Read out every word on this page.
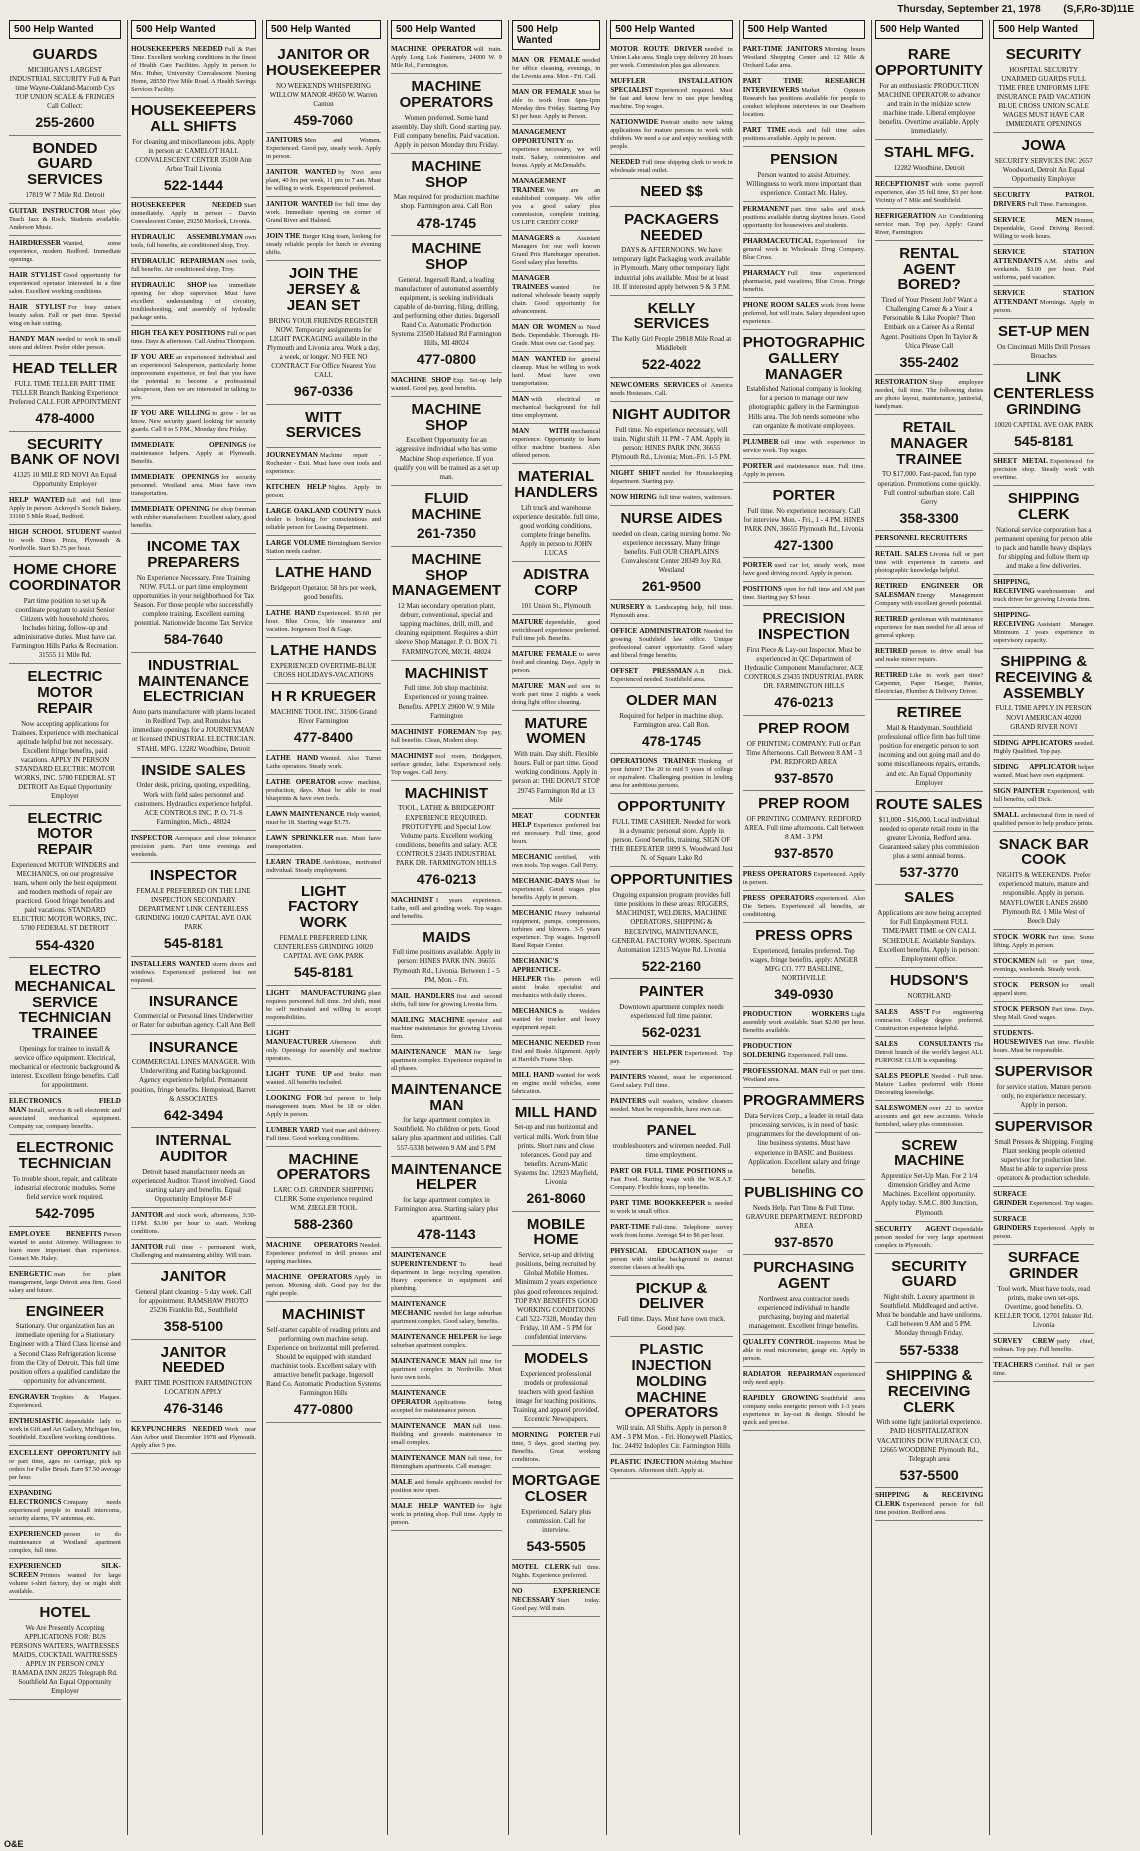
Thursday, September 21, 1978 (S,F,Ro-3D)11E
500 Help Wanted
GUARDS
MICHIGAN'S LARGEST INDUSTRIAL SECURITY Full & Part time Wayne-Oakland-Macomb Cys TOP UNION SCALE & FRINGES Call Collect:
255-2600
BONDED GUARD SERVICES
17819 W 7 Mile Rd. Detroit
GUITAR INSTRUCTOR Must play Teach Jazz & Rock. Students available. Anderson Music.
HAIRDRESSER Wanted, some experience, modern Redford. Immediate openings.
HAIR STYLIST Good opportunity for experienced operator interested in a fine salon. Excellent working conditions.
HAIR STYLIST For busy unisex beauty salon. Full or part time. Special wing on hair cutting.
HANDY MAN needed to work in small store and deliver. Prefer older person.
HEAD TELLER
FULL TIME TELLER PART TIME TELLER Branch Banking Experience Preferred CALL FOR APPOINTMENT
478-4000
SECURITY BANK OF NOVI
41325 10 MILE RD NOVI An Equal Opportunity Employer
HELP WANTED full and full time Apply in person: Ackroyd's Scotch Bakery, 33160 5 Mile Road, Redford.
HIGH SCHOOL STUDENT wanted to work Dines Pizza, Plymouth & Northville. Start $3.75 per hour.
HOME CHORE COORDINATOR
Part time position to set up & coordinate program to assist Senior Citizens with household chores. Includes hiring, follow-up and administrative duties. Must have car. Farmington Hills Parks & Recreation. 31555 11 Mile Rd.
ELECTRIC MOTOR REPAIR
Now accepting applications for Trainees. Experience with mechanical aptitude helpful but not necessary. Excellent fringe benefits, paid vacations. APPLY IN PERSON STANDARD ELECTRIC MOTOR WORKS, INC. 5780 FEDERAL ST DETROIT An Equal Opportunity Employer
ELECTRIC MOTOR REPAIR
Experienced MOTOR WINDERS and MECHANICS, on our progressive team, where only the best equipment and modern methods of repair are practiced. Good fringe benefits and paid vacations. STANDARD ELECTRIC MOTOR WORKS, INC. 5780 FEDERAL ST DETROIT
554-4320
ELECTRO MECHANICAL SERVICE TECHNICIAN TRAINEE
Openings for trainee to install & service office equipment. Electrical, mechanical or electronic background & interest. Excellent fringe benefits. Call for appointment.
ELECTRONICS FIELD MAN Install, service & sell electronic and associated mechanical equipment. Company car, company benefits.
ELECTRONIC TECHNICIAN
To trouble shoot, repair, and calibrate industrial electronic modules. Some field service work required.
542-7095
EMPLOYEE BENEFITS Person wanted to assist Attorney. Willingness to learn more important than experience. Contact Mr. Haley.
ENERGETIC man for plant management, large Detroit area firm. Good salary and future.
ENGINEER
Stationary. Our organization has an immediate opening for a Stationary Engineer with a Third Class license and a Second Class Refrigeration license from the City of Detroit. This full time position offers a qualified candidate the opportunity for advancement.
ENGRAVER Trophies & Plaques. Experienced.
ENTHUSIASTIC dependable lady to work in Gift and Art Gallery, Michigan Inn, Southfield. Excellent working conditions.
EXCELLENT OPPORTUNITY full or part time, ages no carriage, pick up orders for Fuller Brush. Earn $7.50 average per hour.
EXPANDING ELECTRONICS Company needs experienced people to install intercoms, security alarms, TV antennas, etc.
EXPERIENCED person to do maintenance at Westland apartment complex, full time.
EXPERIENCED SILK-SCREEN Printers wanted for large volume t-shirt factory, day or night shift available.
HOTEL
We Are Presently Accepting APPLICATIONS FOR: BUS PERSONS WAITERS, WAITRESSES MAIDS, COCKTAIL WAITRESSES APPLY IN PERSON ONLY RAMADA INN 28225 Telegraph Rd. Southfield An Equal Opportunity Employer
500 Help Wanted
HOUSEKEEPERS NEEDED Full & Part Time. Excellent working conditions in the finest of Health Care Facilities. Apply in person to Mrs. Huber, University Convalescent Nursing Home, 28550 Five Mile Road. A Health Savings Services Facility.
HOUSEKEEPERS ALL SHIFTS
For cleaning and miscellaneous jobs. Apply in person at: CAMELOT HALL CONVALESCENT CENTER 35100 Ann Arbor Trail Livonia
522-1444
HOUSEKEEPER NEEDED Start immediately. Apply in person - Darvin Convalescent Center, 29250 Morlock, Livonia.
HYDRAULIC ASSEMBLYMAN own tools, full benefits, air conditioned shop, Troy.
HYDRAULIC REPAIRMAN own tools, full benefits. Air conditioned shop, Troy.
HYDRAULIC SHOP has immediate opening for shop supervisor. Must have excellent understanding of circuitry, troubleshooting, and assembly of hydraulic package units.
HIGH TEA KEY POSITIONS Full or part time. Days & afternoon. Call Andrea Thompson.
IF YOU ARE an experienced individual and an experienced Salesperson, particularly home improvement experience, or feel that you have the potential to become a professional salesperson, then we are interested in talking to you.
IF YOU ARE WILLING to grow - let us know. New security guard looking for security guards. Call 9 to 5 P.M., Monday thru Friday.
IMMEDIATE OPENINGS for maintenance helpers. Apply at Plymouth. Benefits.
IMMEDIATE OPENINGS for security personnel. Westland area. Must have own transportation.
IMMEDIATE OPENING for shop foreman with rubber manufacturer. Excellent salary, good benefits.
INCOME TAX PREPARERS
No Experience Necessary. Free Training NOW. FULL or part time employment opportunities in your neighborhood for Tax Season. For those people who successfully complete training. Excellent earning potential. Nationwide Income Tax Service
584-7640
INDUSTRIAL MAINTENANCE ELECTRICIAN
Auto parts manufacturer with plants located in Redford Twp. and Romulus has immediate openings for a JOURNEYMAN or licensed INDUSTRIAL ELECTRICIAN. STAHL MFG. 12282 Woodbine, Detroit
INSIDE SALES
Order desk, pricing, quoting, expediting. Work with field sales personnel and customers. Hydraulics experience helpful. ACE CONTROLS INC. P. O. 71-S Farmington, Mich., 48024
INSPECTOR Aerospace and close tolerance precision parts. Part time evenings and weekends.
INSPECTOR
FEMALE PREFERRED ON THE LINE INSPECTION SECONDARY DEPARTMENT LINK CENTERLESS GRINDING 10020 CAPITAL AVE OAK PARK
545-8181
INSTALLERS WANTED storm doors and windows. Experienced preferred but not required.
INSURANCE
Commercial or Personal lines Underwriter or Rater for suburban agency. Call Ann Bell
INSURANCE
COMMERCIAL LINES MANAGER. With Underwriting and Rating background. Agency experience helpful. Permanent position, fringe benefits. Hempstead, Barrett & ASSOCIATES
642-3494
INTERNAL AUDITOR
Detroit based manufacturer needs an experienced Auditor. Travel involved. Good starting salary and benefits. Equal Opportunity Employer M-F
JANITOR and stock work, afternoons, 3:30-11PM. $3.00 per hour to start. Working conditions.
JANITOR Full time - permanent work, Challenging and maintaining ability. Will train.
JANITOR
General plant cleaning - 5 day week. Call for appointment. RAMSHAW PHOTO 25236 Franklin Rd., Southfield
358-5100
JANITOR NEEDED
PART TIME POSITION FARMINGTON LOCATION APPLY
476-3146
KEYPUNCHERS NEEDED Work near Ann Arbor until December 1978 and Plymouth. Apply after 5 pm.
500 Help Wanted
JANITOR OR HOUSEKEEPER
NO WEEKENDS WHISPERING WILLOW MANOR 49650 W. Warren Canton
459-7060
JANITORS Men and Women. Experienced. Good pay, steady work. Apply in person.
JANITOR WANTED by Novi area plant, 40 hrs per week, 11 pm to 7 am. Must be willing to work. Experienced preferred.
JANITOR WANTED for full time day work. Immediate opening on corner of Grand River and Halsted.
JOIN THE Burger King team, looking for steady reliable people for lunch or evening shifts.
JOIN THE JERSEY & JEAN SET
BRING YOUR FRIENDS REGISTER NOW. Temporary assignments for LIGHT PACKAGING available in the Plymouth and Livonia area. Work a day, a week, or longer. NO FEE NO CONTRACT For Office Nearest You CALL
967-0336
WITT SERVICES
JOURNEYMAN Machine repair - Rochester - Exit. Must have own tools and experience.
KITCHEN HELP Nights. Apply in person.
LARGE OAKLAND COUNTY Buick dealer is looking for conscientious and reliable person for Leasing Department.
LARGE VOLUME Birmingham Service Station needs cashier.
LATHE HAND
Bridgeport Operator. 58 hrs per week, good benefits.
LATHE HAND Experienced. $5.60 per hour. Blue Cross, life insurance and vacation. Jorgensen Tool & Gage.
LATHE HANDS
EXPERIENCED OVERTIME-BLUE CROSS HOLIDAYS-VACATIONS
H R KRUEGER
MACHINE TOOL INC. 31506 Grand River Farmington
477-8400
LATHE HAND Wanted. Also Turret Lathe operators. Steady work.
LATHE OPERATOR screw machine, production, days. Must be able to read blueprints & have own tools.
LAWN MAINTENANCE Help wanted, must be 18. Starting wage $3.75.
LAWN SPRINKLER man. Must have transportation.
LEARN TRADE Ambitious, motivated individual. Steady employment.
LIGHT FACTORY WORK
FEMALE PREFERRED LINK CENTERLESS GRINDING 10020 CAPITAL AVE OAK PARK
545-8181
LIGHT MANUFACTURING plant requires personnel full time. 3rd shift, must be self motivated and willing to accept responsibilities.
LIGHT MANUFACTURER Afternoon shift only. Openings for assembly and machine operators.
LIGHT TUNE UP and brake man wanted. All benefits included.
LOOKING FOR 3rd person to help management team. Must be 18 or older. Apply in person.
LUMBER YARD Yard man and delivery. Full time. Good working conditions.
MACHINE OPERATORS
LARC O.D. GRINDER SHIPPING CLERK Some experience required W.M. ZIEGLER TOOL
588-2360
MACHINE OPERATORS Needed. Experience preferred in drill presses and tapping machines.
MACHINE OPERATORS Apply in person. Morning shift. Good pay for the right people.
MACHINIST
Self-starter capable of reading prints and performing own machine setup. Experience on horizontal mill preferred. Should be equipped with standard machinist tools. Excellent salary with attractive benefit package. Ingersoll Rand Co. Automatic Production Systems Farmington Hills
477-0800
500 Help Wanted
MACHINE OPERATOR will train. Apply Long Lok Fasteners, 24000 W. 9 Mile Rd., Farmington.
MACHINE OPERATORS
Women preferred. Some hand assembly. Day shift. Good starting pay. Full company benefits. Paid vacation. Apply in person Monday thru Friday.
MACHINE SHOP
Man required for production machine shop. Farmington area. Call Ron
478-1745
MACHINE SHOP
General. Ingersoll Rand, a leading manufacturer of automated assembly equipment, is seeking individuals capable of de-burring, filing, drilling, and performing other duties. Ingersoll Rand Co. Automatic Production Systems 23500 Halsted Rd Farmington Hills, MI 48024
477-0800
MACHINE SHOP Exp. Set-up help wanted. Good pay, good benefits.
MACHINE SHOP
Excellent Opportunity for an aggressive individual who has some Machine Shop experience. If you qualify you will be trained as a set up man.
FLUID MACHINE
261-7350
MACHINE SHOP MANAGEMENT
12 Man secondary operation plant, deburr, conventional, special and tapping machines, drill, mill, and cleaning equipment. Requires a shirt sleeve Shop Manager. P. O. BOX 71 FARMINGTON, MICH. 48024
MACHINIST
Full time. Job shop machinist. Experienced or young trainee. Benefits. APPLY 29600 W. 9 Mile Farmington
MACHINIST FOREMAN Top pay, full benefits. Clean, Modern shop.
MACHINIST tool room, Bridgeport, surface grinder, lathe. Experienced only. Top wages. Call Jerry.
MACHINIST
TOOL, LATHE & BRIDGEPORT EXPERIENCE REQUIRED. PROTOTYPE and Special Low Volume parts. Excellent working conditions, benefits and salary. ACE CONTROLS 23435 INDUSTRIAL PARK DR. FARMINGTON HILLS
476-0213
MACHINIST 1 years experience. Lathe, mill and grinding work. Top wages and benefits.
MAIDS
Full time positions available. Apply in person: HINES PARK INN. 36655 Plymouth Rd., Livonia. Between 1 - 5 PM, Mon. - Fri.
MAIL HANDLERS first and second shifts, full time for growing Livonia firm.
MAILING MACHINE operator and machine maintenance for growing Livonia firm.
MAINTENANCE MAN for large apartment complex. Experience required in all phases.
MAINTENANCE MAN
for large apartment complex in Southfield. No children or pets. Good salary plus apartment and utilities. Call 557-5338 between 9 AM and 5 PM
MAINTENANCE HELPER
for large apartment complex in Farmington area. Starting salary plus apartment.
478-1143
MAINTENANCE SUPERINTENDENT To head department in large recycling operation. Heavy experience in equipment and plumbing.
MAINTENANCE MECHANIC needed for large suburban apartment complex. Good salary, benefits.
MAINTENANCE HELPER for large suburban apartment complex.
MAINTENANCE MAN full time for apartment complex in Northville. Must have own tools.
MAINTENANCE OPERATOR Applications being accepted for maintenance person.
MAINTENANCE MAN full time. Building and grounds maintenance in small complex.
MAINTENANCE MAN full time, for Birmingham apartments. Call manager.
MALE and female applicants needed for position now open.
MALE HELP WANTED for light work in printing shop. Full time. Apply in person.
500 Help Wanted
MAN OR FEMALE needed for office cleaning, evenings, in the Livonia area. Mon - Fri. Call.
MAN OR FEMALE Must be able to work from 6pm-1pm Monday thru Friday. Starting Pay $3 per hour. Apply in Person.
MANAGEMENT OPPORTUNITY no experience necessary, we will train. Salary, commission and bonus. Apply at McDonald's.
MANAGEMENT TRAINEE We are an established company. We offer you a good salary plus commission, complete training. US LIFE CREDIT CORP
MANAGERS & Assistant Managers for our well known Grand Prix Hamburger operation. Good salary plus benefits.
MANAGER TRAINEES wanted for national wholesale beauty supply chain. Good opportunity for advancement.
MAN OR WOMEN to Need Beds. Dependable. Thorough. Hi-Grade. Must own car. Good pay.
MAN WANTED for general cleanup. Must be willing to work hard. Must have own transportation.
MAN with electrical or mechanical background for full time employment.
MAN WITH mechanical experience. Opportunity to learn office machine business. Also offered person.
MATERIAL HANDLERS
Lift truck and warehouse experience desirable. full time, good working conditions, complete fringe benefits. Apply in person to JOHN LUCAS
ADISTRA CORP
101 Union St., Plymouth
MATURE dependable, good switchboard experience preferred. Full time job. Benefits.
MATURE FEMALE to serve food and cleaning. Days. Apply in person.
MATURE MAN and son to work part time 2 nights a week doing light office cleaning.
MATURE WOMEN
With train. Day shift. Flexible hours. Full or part time. Good working conditions. Apply in person at: THE DONUT STOP 29745 Farmington Rd at 13 Mile
MEAT COUNTER HELP Experience preferred but not necessary. Full time, good hours.
MECHANIC certified, with own tools. Top wages. Call Perry.
MECHANIC-DAYS Must be experienced. Good wages plus benefits. Apply in person.
MECHANIC Heavy industrial equipment, pumps, compressors, turbines and blowers. 3-5 years experience. Top wages. Ingersoll Rand Repair Center.
MECHANIC'S APPRENTICE-HELPER This person will assist brake specialist and mechanics with daily chores.
MECHANICS & Welders wanted for trucker and heavy equipment repair.
MECHANIC NEEDED Front End and Brake Alignment. Apply at Harold's Frame Shop.
MILL HAND wanted for work on engine mold vehicles, some fabrication.
MILL HAND
Set-up and run horizontal and vertical mills. Work from blue prints. Short runs and close tolerances. Good pay and benefits. Acrum-Matic Systems Inc. 12923 Mayfield, Livonia
261-8060
MOBILE HOME
Service, set-up and driving positions, being recruited by Global Mobile Homes. Minimum 2 years experience plus good references required. TOP PAY BENEFITS GOOD WORKING CONDITIONS Call 522-7328, Monday thru Friday, 10 AM - 5 PM for confidential interview.
MODELS
Experienced professional models or professional teachers with good fashion image for teaching positions. Training and apparel provided. Eccentric Newspapers.
MORNING PORTER Full time, 5 days, good starting pay. Benefits. Great working conditions.
MORTGAGE CLOSER
Experienced. Salary plus commission. Call for interview.
543-5505
MOTEL CLERK full time. Nights. Experience preferred.
NO EXPERIENCE NECESSARY Start today. Good pay. Will train.
500 Help Wanted
MOTOR ROUTE DRIVER needed in Union Lake area. Single copy delivery 20 hours per week. Commission plus gas allowance.
MUFFLER INSTALLATION SPECIALIST Experienced required. Must be fast and know how to use pipe bending machine. Top wages.
NATIONWIDE Portrait studio now taking applications for mature persons to work with children. We need a car and enjoy working with people.
NEEDED Full time shipping clerk to work in wholesale retail outlet.
NEED $$
PACKAGERS NEEDED
DAYS & AFTERNOONS. We have temporary light Packaging work available in Plymouth. Many other temporary light industrial jobs available. Must be at least 18. If interested apply between 9 & 3 P.M.
KELLY SERVICES
The Kelly Girl People 29818 Mile Road at Middlebelt
522-4022
NEWCOMERS SERVICES of America needs Hostesses. Call.
NIGHT AUDITOR
Full time. No experience necessary, will train. Night shift 11 PM - 7 AM. Apply in person: HINES PARK INN, 36655 Plymouth Rd., Livonia; Mon.-Fri. 1-5 PM.
NIGHT SHIFT needed for Housekeeping department. Starting pay.
NOW HIRING full time waiters, waitresses.
NURSE AIDES
needed on clean, caring nursing home. No experience necessary. Many fringe benefits. Full OUR CHAPLAINS Convalescent Center 28349 Joy Rd. Westland
261-9500
NURSERY & Landscaping help, full time. Plymouth area.
OFFICE ADMINISTRATOR Needed for growing Southfield law office. Unique professional career opportunity. Good salary and liberal fringe benefits.
OFFSET PRESSMAN A.B Dick. Experienced needed. Southfield area.
OLDER MAN
Required for helper in machine shop. Farmington area. Call Ron.
478-1745
OPERATIONS TRAINEE Thinking of your future? The 20 to mid 5 years of college or equivalent. Challenging position in lending area for ambitious persons.
OPPORTUNITY
FULL TIME CASHIER. Needed for work in a dynamic personal store. Apply in person. Good benefits, training. SIGN OF THE BEEFEATER 1899 S. Woodward Just N. of Square Lake Rd
OPPORTUNITIES
Ongoing expansion program provides full time positions in these areas: RIGGERS, MACHINIST, WELDERS, MACHINE OPERATORS, SHIPPING & RECEIVING, MAINTENANCE, GENERAL FACTORY WORK. Spectrum Automation 12315 Wayne Rd. Livonia
522-2160
PAINTER
Downtown apartment complex needs experienced full time painter.
562-0231
PAINTER'S HELPER Experienced. Top pay.
PAINTERS Wanted, must be experienced. Good salary. Full time.
PAINTERS wall washers, window cleaners needed. Must be responsible, have own car.
PANEL
troubleshooters and wiremen needed. Full time employment.
PART OR FULL TIME POSITIONS in Fast Food. Starting wage with the W.R.A.F. Company. Flexible hours, top benefits.
PART TIME BOOKKEEPER is needed to work in small office.
PART-TIME Full-time. Telephone survey work from home. Average $4 to $6 per hour.
PHYSICAL EDUCATION major or person with similar background to instruct exercise classes at health spa.
PICKUP & DELIVER
Full time. Days. Must have own truck. Good pay.
PLASTIC INJECTION MOLDING MACHINE OPERATORS
Will train. All Shifts. Apply in person 8 AM - 3 PM Mon. - Fri. Honeywell Plastics, Inc. 24492 Indoplex Cir. Farmington Hills
PLASTIC INJECTION Molding Machine Operators. Afternoon shift. Apply at.
500 Help Wanted
PART-TIME JANITORS Morning hours Westland Shopping Center and 12 Mile & Orchard Lake area.
PART TIME RESEARCH INTERVIEWERS Market Opinion Research has positions available for people to conduct telephone interviews in our Dearborn location.
PART TIME stock and full time sales positions available. Apply in person.
PENSION
Person wanted to assist Attorney. Willingness to work more important than experience. Contact Mr. Haley.
PERMANENT part time sales and stock positions available during daytime hours. Good opportunity for housewives and students.
PHARMACEUTICAL Experienced for general work in Wholesale Drug Company. Blue Cross.
PHARMACY Full time experienced pharmacist, paid vacations, Blue Cross. Fringe benefits.
PHONE ROOM SALES work from home preferred, but will train. Salary dependent upon experience.
PHOTOGRAPHIC GALLERY MANAGER
Established National company is looking for a person to manage our new photographic gallery in the Farmington Hills area. The Job needs someone who can organize & motivate employees.
PLUMBER full time with experience in service work. Top wages.
PORTER and maintenance man. Full time. Apply in person.
PORTER
Full time. No experience necessary. Call for interview Mon. - Fri., 1 - 4 PM. HINES PARK INN, 36655 Plymouth Rd., Livonia
427-1300
PORTER used car lot, steady work, must have good driving record. Apply in person.
POSITIONS open for full time and AM part time. Starting pay $3 hour.
PRECISION INSPECTION
First Piece & Lay-out Inspector. Must be experienced in QC Department of Hydraulic Component Manufacturer. ACE CONTROLS 23435 INDUSTRIAL PARK DR. FARMINGTON HILLS
476-0213
PREP ROOM
OF PRINTING COMPANY. Full or Part Time Afternoons. Call Between 8 AM - 3 PM. REDFORD AREA
937-8570
PREP ROOM
OF PRINTING COMPANY. REDFORD AREA. Full time afternoons. Call between 8 AM - 3 PM
937-8570
PRESS OPERATORS Experienced. Apply in person.
PRESS OPERATORS experienced. Also Die Setters. Experienced all benefits, air conditioning.
PRESS OPRS
Experienced, females preferred. Top wages, fringe benefits, apply: ANGER MFG CO. 777 BASELINE, NORTHVILLE
349-0930
PRODUCTION WORKERS Light assembly work available. Start $2.90 per hour. Benefits available.
PRODUCTION SOLDERING Experienced. Full time.
PROFESSIONAL MAN Full or part time. Westland area.
PROGRAMMERS
Data Services Corp., a leader in retail data processing services, is in need of basic programmers for the development of on-line business systems. Must have experience in BASIC and Business Application. Excellent salary and fringe benefits.
PUBLISHING CO
Needs Help. Part Time & Full Time. GRAVURE DEPARTMENT. REDFORD AREA
937-8570
PURCHASING AGENT
Northwest area contractor needs experienced individual to handle purchasing, buying and material management. Excellent fringe benefits.
QUALITY CONTROL Inspector. Must be able to read micrometer, gauge etc. Apply in person.
RADIATOR REPAIRMAN experienced only need apply.
RAPIDLY GROWING Southfield area company seeks energetic person with 1-3 years experience in lay-out & design. Should be quick and precise.
500 Help Wanted
RARE OPPORTUNITY
For an enthusiastic PRODUCTION MACHINE OPERATOR to advance and train in the midsize screw machine trade. Liberal employee benefits. Overtime available. Apply immediately.
STAHL MFG.
12282 Woodbine, Detroit
RECEPTIONIST with some payroll experience, also 35 full time, $3 per hour. Vicinity of 7 Mile and Southfield.
REFRIGERATION Air Conditioning service man. Top pay. Apply: Grand River, Farmington.
RENTAL AGENT BORED?
Tired of Your Present Job? Want a Challenging Career & a Your a Personable & Like People? Then Embark on a Career As a Rental Agent. Positions Open In Taylor & Utica Please Call
355-2402
RESTORATION Shop employee needed, full time. The following duties are photo layout, maintenance, janitorial, handyman.
RETAIL MANAGER TRAINEE
TO $17,000. Fast-paced, fun type operation. Promotions come quickly. Full control suburban store. Call Gerry
358-3300
PERSONNEL RECRUITERS
RETAIL SALES Livonia full or part time with experience in camera and photographic knowledge helpful.
RETIRED ENGINEER OR SALESMAN Energy Management Company with excellent growth potential.
RETIRED gentleman with maintenance experience for man needed for all areas of general upkeep.
RETIRED person to drive small bus and make minor repairs.
RETIRED Like to work part time? Carpenter, Paper Hanger, Painter, Electrician, Plumber & Delivery Driver.
RETIREE
Mail & Handyman. Southfield professional office firm has full time position for energetic person to sort incoming and out going mail and do some miscellaneous repairs, errands, and etc. An Equal Opportunity Employer
ROUTE SALES
$11,000 - $16,000. Local individual needed to operate retail route in the greater Livonia, Redford area. Guaranteed salary plus commission plus a semi annual bonus.
537-3770
SALES
Applications are now being accepted for Full Employment FULL TIME/PART TIME or ON CALL SCHEDULE. Available Sundays. Excellent benefits. Apply in person: Employment office.
HUDSON'S
NORTHLAND
SALES ASS'T For engineering contractor. College degree preferred. Construction experience helpful.
SALES CONSULTANTS The Detroit branch of the world's largest ALL PURPOSE CLUB is expanding.
SALES PEOPLE Needed - Full time. Mature Ladies preferred with Home Decorating knowledge.
SALESWOMEN over 22 to service accounts and get new accounts. Vehicle furnished, salary plus commission.
SCREW MACHINE
Apprentice Set-Up Man. For 2 1/4 dimension Gridley and Acme Machines. Excellent opportunity. Apply today. S.M.C. 800 Junction, Plymouth
SECURITY AGENT Dependable person needed for very large apartment complex in Plymouth.
SECURITY GUARD
Night shift. Luxury apartment in Southfield. Middleaged and active. Must be bondable and have uniforms. Call between 9 AM and 5 PM. Monday through Friday.
557-5338
SHIPPING & RECEIVING CLERK
With some light janitorial experience. PAID HOSPITALIZATION VACATIONS DOW FURNACE CO. 12665 WOODBINE Plymouth Rd., Telegraph area
537-5500
SHIPPING & RECEIVING CLERK Experienced person for full time position. Redford area.
500 Help Wanted
SECURITY
HOSPITAL SECURITY UNARMED GUARDS FULL TIME FREE UNIFORMS LIFE INSURANCE PAID VACATION BLUE CROSS UNION SCALE WAGES MUST HAVE CAR IMMEDIATE OPENINGS
JOWA
SECURITY SERVICES INC 2657 Woodward, Detroit An Equal Opportunity Employer
SECURITY PATROL DRIVERS Full Time. Farmington.
SERVICE MEN Honest, Dependable, Good Driving Record. Willing to work hours.
SERVICE STATION ATTENDANTS A.M. shifts and weekends. $3.00 per hour. Paid uniforms, paid vacation.
SERVICE STATION ATTENDANT Mornings. Apply in person.
SET-UP MEN
On Cincinnati Mills Drill Presses Broaches
LINK CENTERLESS GRINDING
10020 CAPITAL AVE OAK PARK
545-8181
SHEET METAL Experienced for precision shop. Steady work with overtime.
SHIPPING CLERK
National service corporation has a permanent opening for person able to pack and handle heavy displays for shipping and follow them up and make a few deliveries.
SHIPPING, RECEIVING warehouseman and truck driver for growing Livonia firm.
SHIPPING-RECEIVING Assistant Manager. Minimum 2 years experience in supervisory capacity.
SHIPPING & RECEIVING & ASSEMBLY
FULL TIME APPLY IN PERSON NOVI AMERICAN 40200 GRAND RIVER NOVI
SIDING APPLICATORS needed. Highly Qualified. Top pay.
SIDING APPLICATOR helper wanted. Must have own equipment.
SIGN PAINTER Experienced, with full benefits, call Dick.
SMALL architectural firm in need of qualified person to help produce prints.
SNACK BAR COOK
NIGHTS & WEEKENDS. Prefer experienced mature, mature and responsible. Apply in person. MAYFLOWER LANES 26600 Plymouth Rd. 1 Mile West of Beech Daly
STOCK WORK Part time. Some lifting. Apply in person.
STOCKMEN full or part time, evenings, weekends. Steady work.
STOCK PERSON for small apparel store.
STOCK PERSON Part time. Days. Shop Mall. Good wages.
STUDENTS-HOUSEWIVES Part time. Flexible hours. Must be responsible.
SUPERVISOR
for service station. Mature person only, no experience necessary. Apply in person.
SUPERVISOR
Small Presses & Shipping. Forging Plant seeking people oriented supervisor for production line. Must be able to supervise press operators & production schedule.
SURFACE GRINDER Experienced. Top wages.
SURFACE GRINDERS Experienced. Apply in person.
SURFACE GRINDER
Tool work. Must have tools, read prints, make own set-ups. Overtime, good benefits. O. KELLER TOOL 12701 Inkster Rd. Livonia
SURVEY CREW party chief, rodman. Top pay. Full benefits.
TEACHERS Certified. Full or part time.
O&E
